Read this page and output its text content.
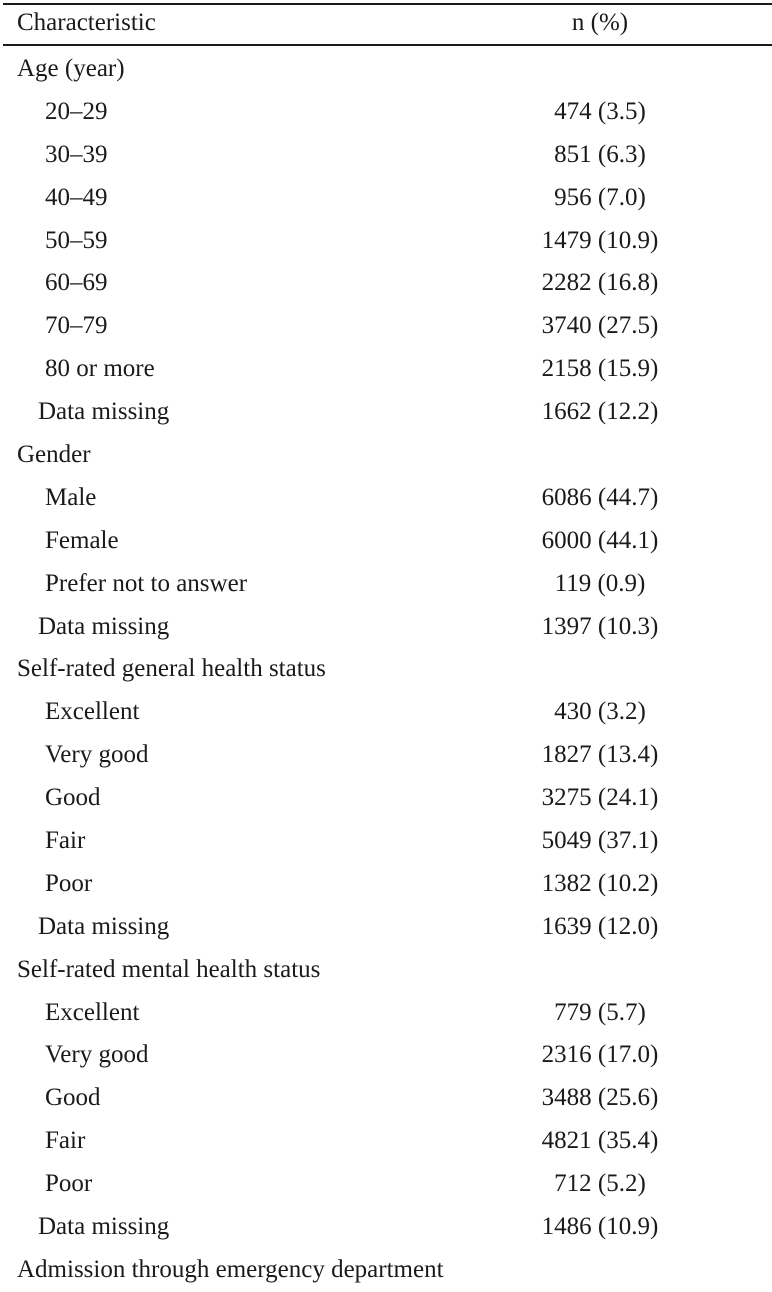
Characteristic	n (%)
Age (year)
20–29	474 (3.5)
30–39	851 (6.3)
40–49	956 (7.0)
50–59	1479 (10.9)
60–69	2282 (16.8)
70–79	3740 (27.5)
80 or more	2158 (15.9)
Data missing	1662 (12.2)
Gender
Male	6086 (44.7)
Female	6000 (44.1)
Prefer not to answer	119 (0.9)
Data missing	1397 (10.3)
Self-rated general health status
Excellent	430 (3.2)
Very good	1827 (13.4)
Good	3275 (24.1)
Fair	5049 (37.1)
Poor	1382 (10.2)
Data missing	1639 (12.0)
Self-rated mental health status
Excellent	779 (5.7)
Very good	2316 (17.0)
Good	3488 (25.6)
Fair	4821 (35.4)
Poor	712 (5.2)
Data missing	1486 (10.9)
Admission through emergency department
